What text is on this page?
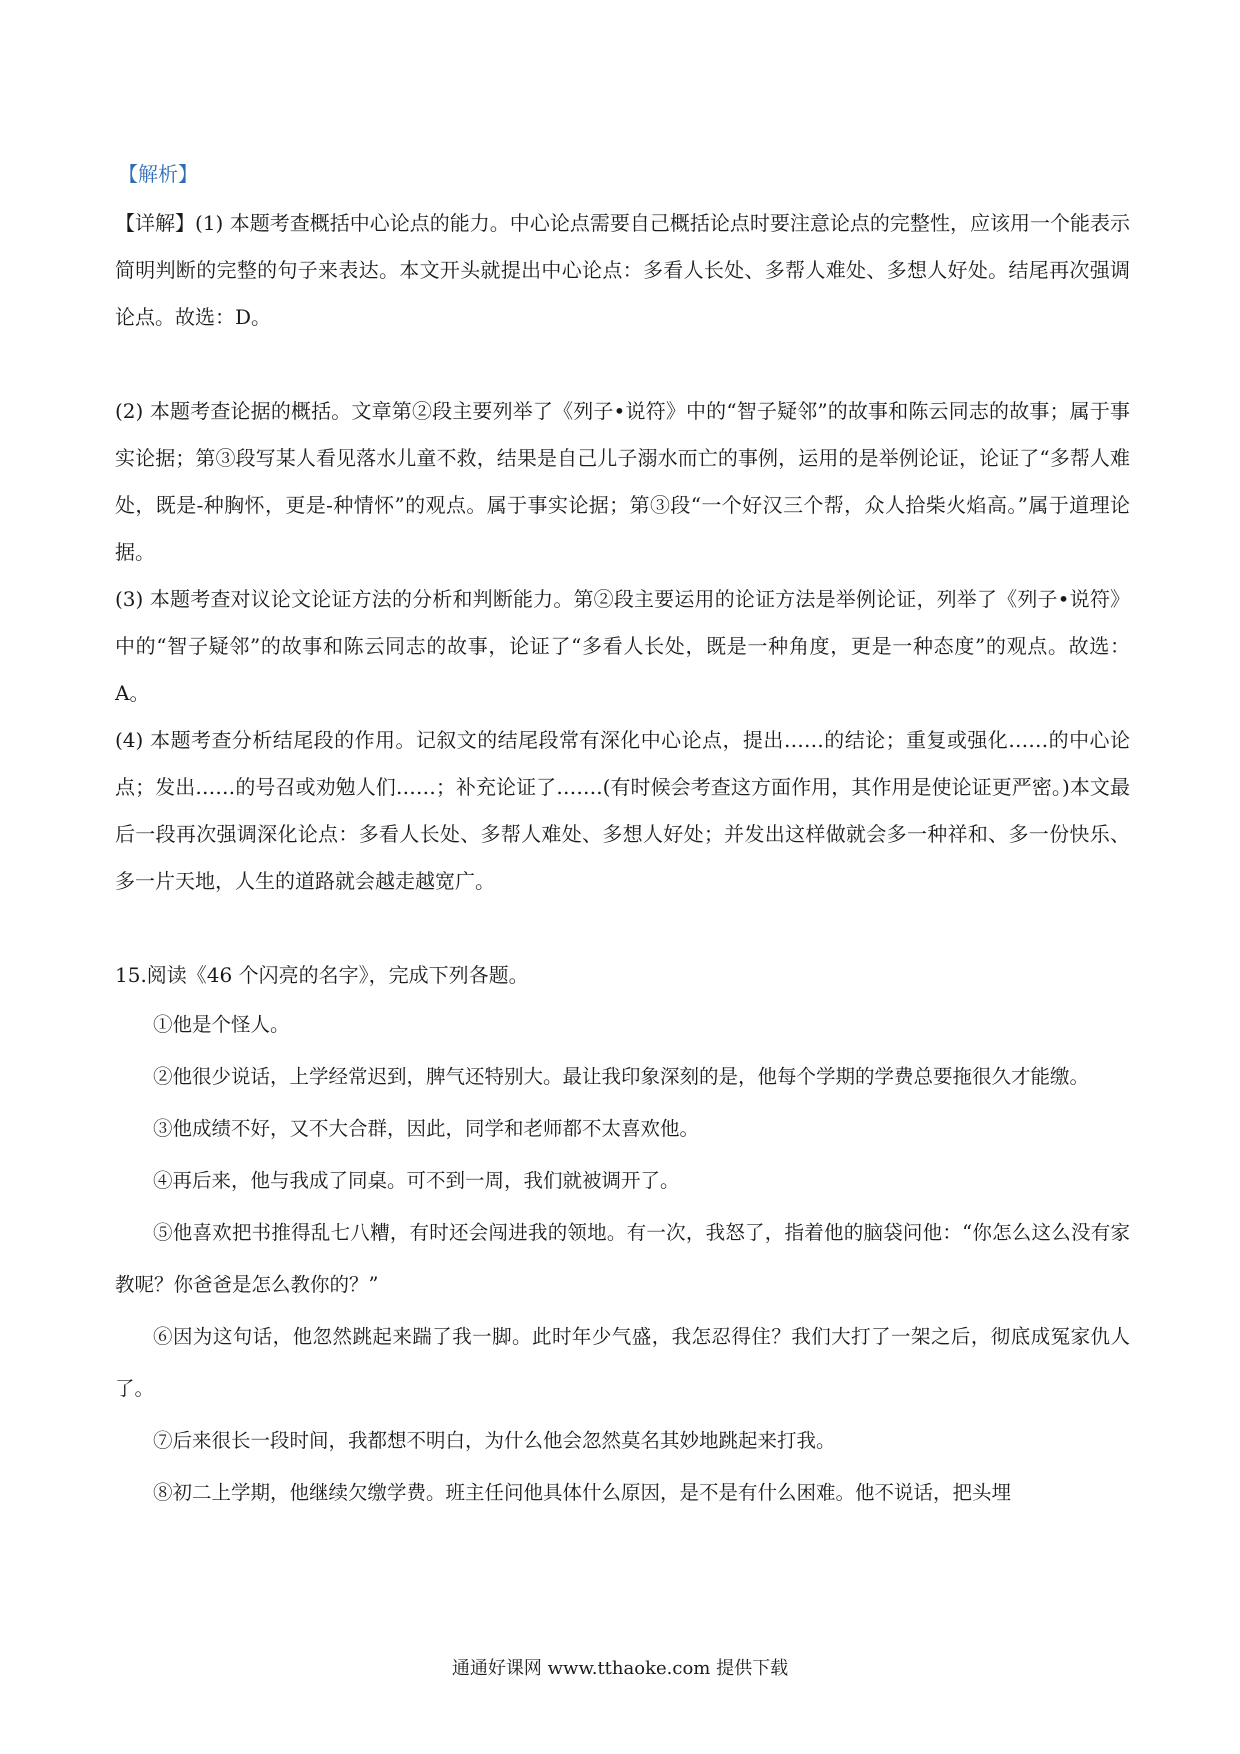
【解析】

【详解】(1) 本题考查概括中心论点的能力。中心论点需要自己概括论点时要注意论点的完整性，应该用一个能表示简明判断的完整的句子来表达。本文开头就提出中心论点：多看人长处、多帮人难处、多想人好处。结尾再次强调论点。故选：D。

(2) 本题考查论据的概括。文章第②段主要列举了《列子•说符》中的“智子疑邻”的故事和陈云同志的故事；属于事实论据；第③段写某人看见落水儿童不救，结果是自己儿子溺水而亡的事例，运用的是举例论证，论证了“多帮人难处，既是-种胸怀，更是-种情怀”的观点。属于事实论据；第③段“一个好汉三个帮，众人拾柴火焰高。”属于道理论据。

(3) 本题考查对议论文论证方法的分析和判断能力。第②段主要运用的论证方法是举例论证，列举了《列子•说符》中的“智子疑邻”的故事和陈云同志的故事，论证了“多看人长处，既是一种角度，更是一种态度”的观点。故选：A。

(4) 本题考查分析结尾段的作用。记叙文的结尾段常有深化中心论点，提出……的结论；重复或强化……的中心论点；发出……的号召或劝勉人们……；补充论证了…….(有时候会考查这方面作用，其作用是使论证更严密。)本文最后一段再次强调深化论点：多看人长处、多帮人难处、多想人好处；并发出这样做就会多一种祥和、多一份快乐、多一片天地，人生的道路就会越走越宽广。

15.阅读《46 个闪亮的名字》，完成下列各题。

①他是个怪人。

②他很少说话，上学经常迟到，脾气还特别大。最让我印象深刻的是，他每个学期的学费总要拖很久才能缴。

③他成绩不好，又不大合群，因此，同学和老师都不太喜欢他。

④再后来，他与我成了同桌。可不到一周，我们就被调开了。

⑤他喜欢把书推得乱七八糟，有时还会闯进我的领地。有一次，我怒了，指着他的脑袋问他：“你怎么这么没有家教呢？你爸爸是怎么教你的？”

⑥因为这句话，他忽然跳起来踹了我一脚。此时年少气盛，我怎忍得住？我们大打了一架之后，彻底成冤家仇人了。

⑦后来很长一段时间，我都想不明白，为什么他会忽然莫名其妙地跳起来打我。

⑧初二上学期，他继续欠缴学费。班主任问他具体什么原因，是不是有什么困难。他不说话，把头埋

通通好课网 www.tthaoke.com 提供下载
